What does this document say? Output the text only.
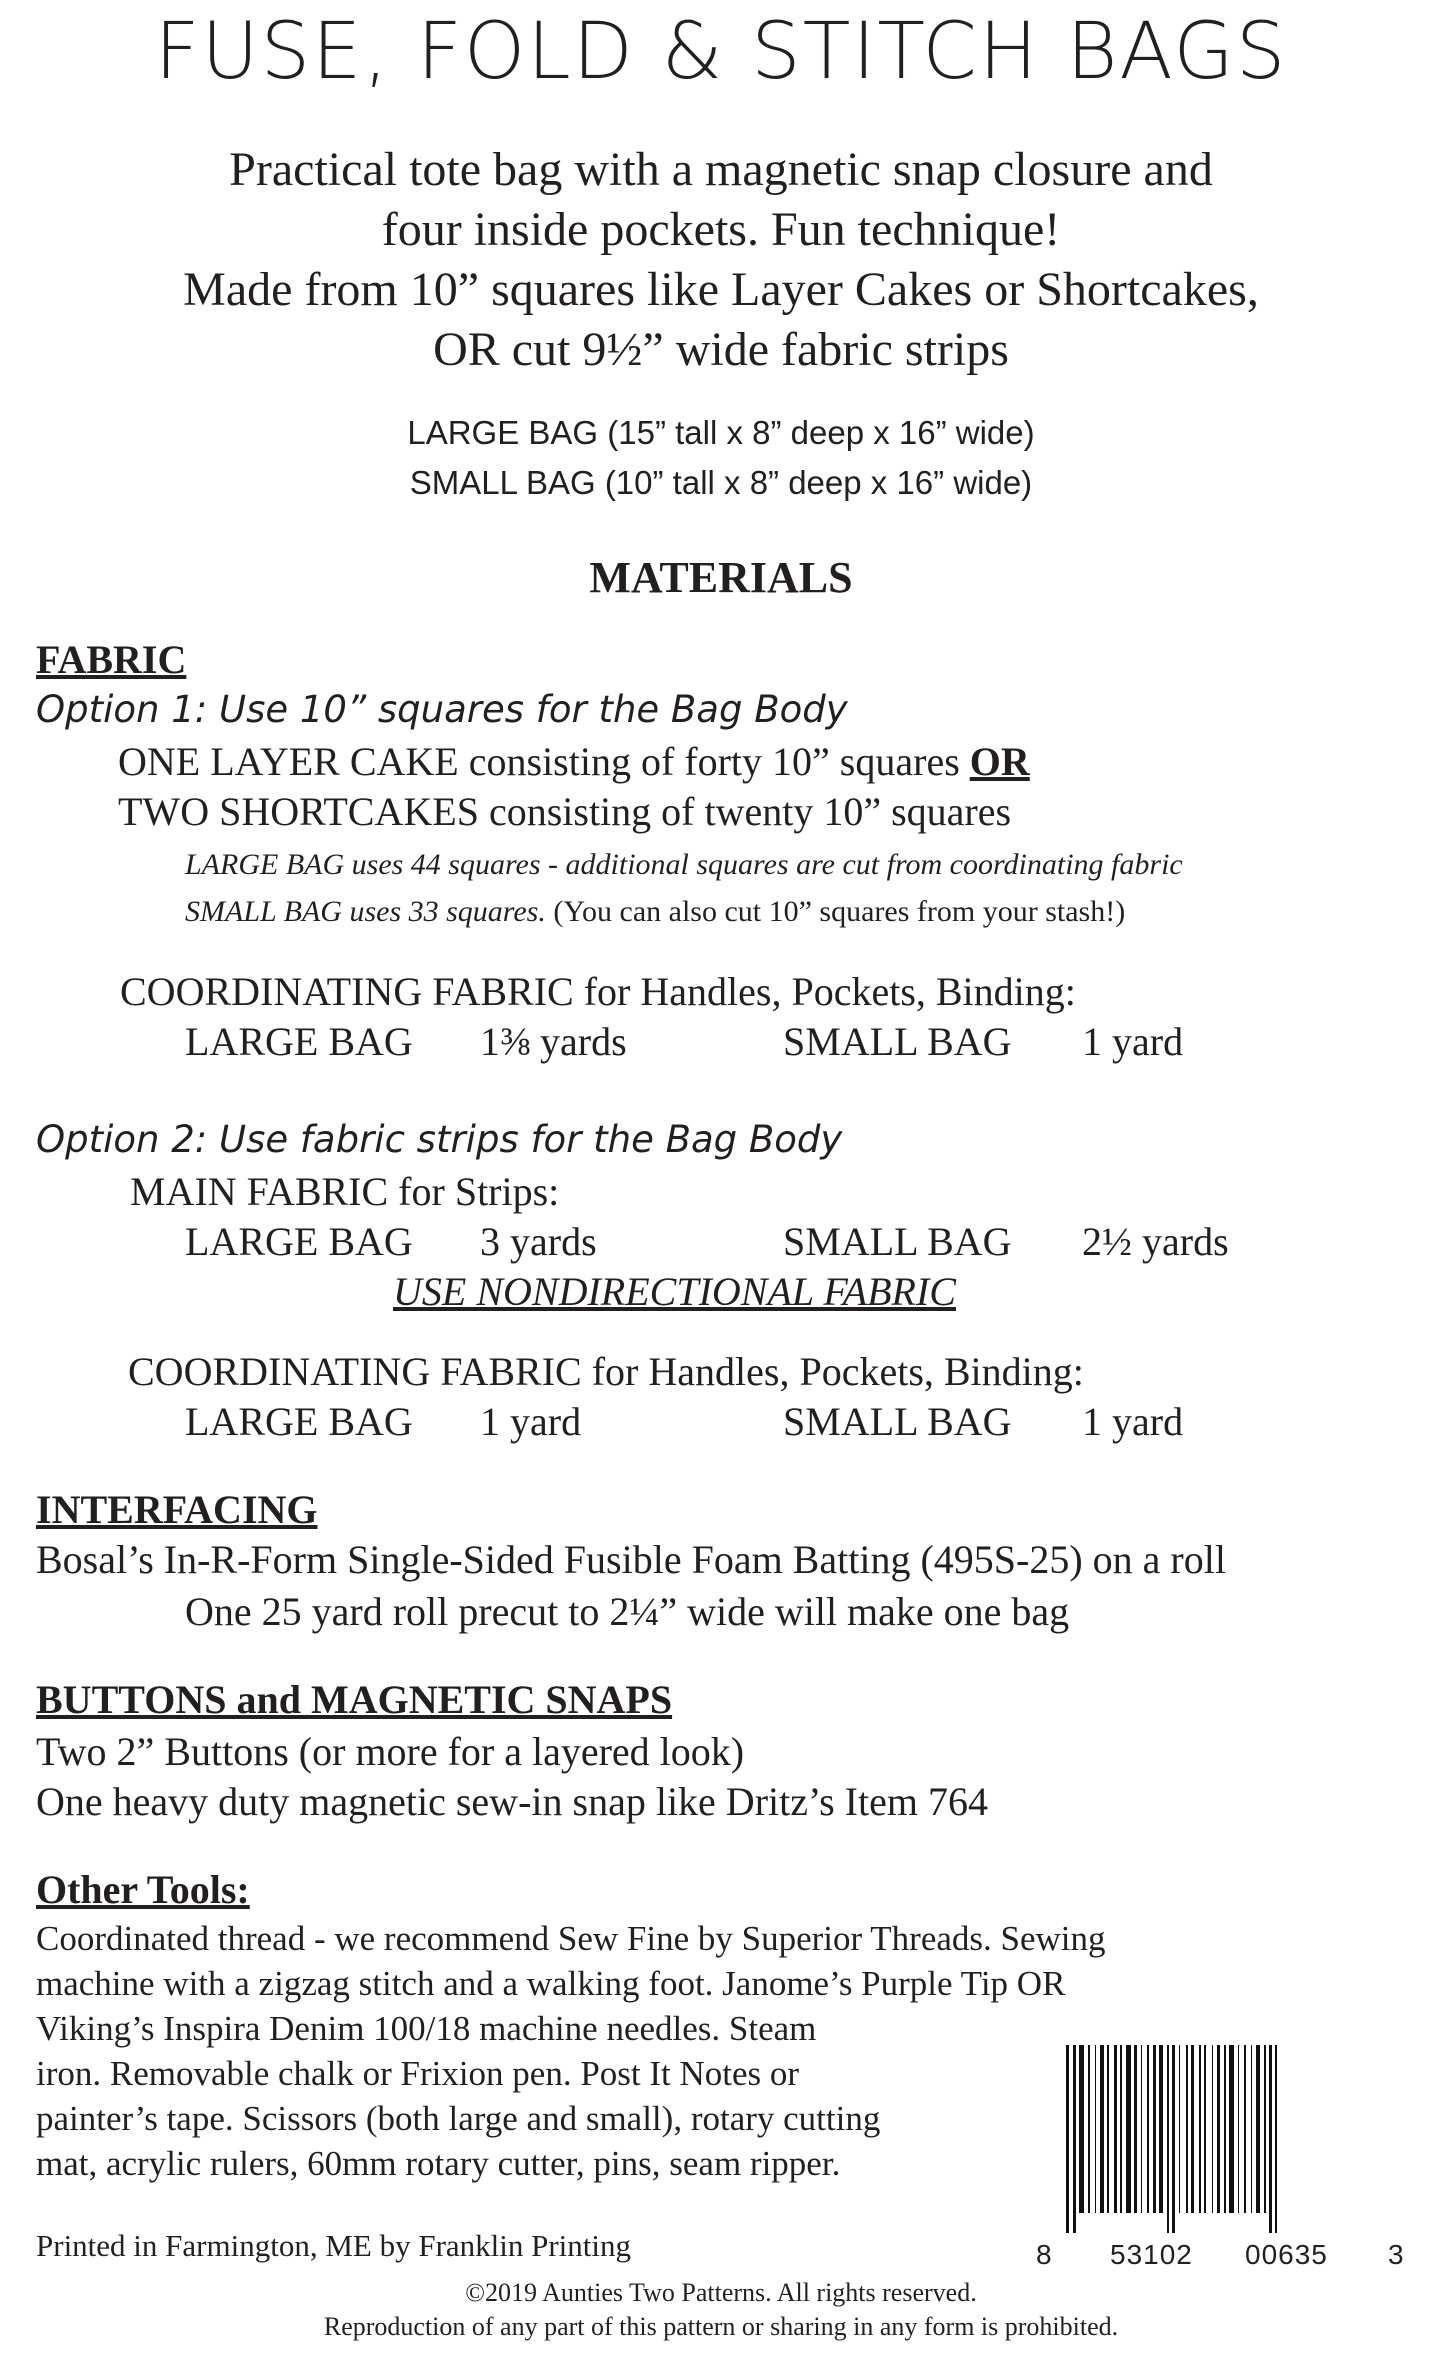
FUSE, FOLD & STITCH BAGS
Practical tote bag with a magnetic snap closure and
four inside pockets. Fun technique!
Made from 10” squares like Layer Cakes or Shortcakes,
OR cut 9½” wide fabric strips
LARGE BAG (15” tall x 8” deep x 16” wide)
SMALL BAG (10” tall x 8” deep x 16” wide)
MATERIALS
FABRIC
Option 1: Use 10” squares for the Bag Body
ONE LAYER CAKE consisting of forty 10” squares OR
TWO SHORTCAKES consisting of twenty 10” squares
LARGE BAG uses 44 squares - additional squares are cut from coordinating fabric
SMALL BAG uses 33 squares. (You can also cut 10” squares from your stash!)
COORDINATING FABRIC for Handles, Pockets, Binding:
LARGE BAG 1⅜ yards	SMALL BAG 1 yard
Option 2: Use fabric strips for the Bag Body
MAIN FABRIC for Strips:
LARGE BAG 3 yards	SMALL BAG 2½ yards
USE NONDIRECTIONAL FABRIC
COORDINATING FABRIC for Handles, Pockets, Binding:
LARGE BAG 1 yard	SMALL BAG 1 yard
INTERFACING
Bosal’s In-R-Form Single-Sided Fusible Foam Batting (495S-25) on a roll
One 25 yard roll precut to 2¼” wide will make one bag
BUTTONS and MAGNETIC SNAPS
Two 2” Buttons (or more for a layered look)
One heavy duty magnetic sew-in snap like Dritz’s Item 764
Other Tools:
Coordinated thread - we recommend Sew Fine by Superior Threads. Sewing
machine with a zigzag stitch and a walking foot. Janome’s Purple Tip OR
Viking’s Inspira Denim 100/18 machine needles. Steam
iron. Removable chalk or Frixion pen. Post It Notes or
painter’s tape. Scissors (both large and small), rotary cutting
mat, acrylic rulers, 60mm rotary cutter, pins, seam ripper.
Printed in Farmington, ME by Franklin Printing	8 53102 00635 3
©2019 Aunties Two Patterns. All rights reserved.
Reproduction of any part of this pattern or sharing in any form is prohibited.
